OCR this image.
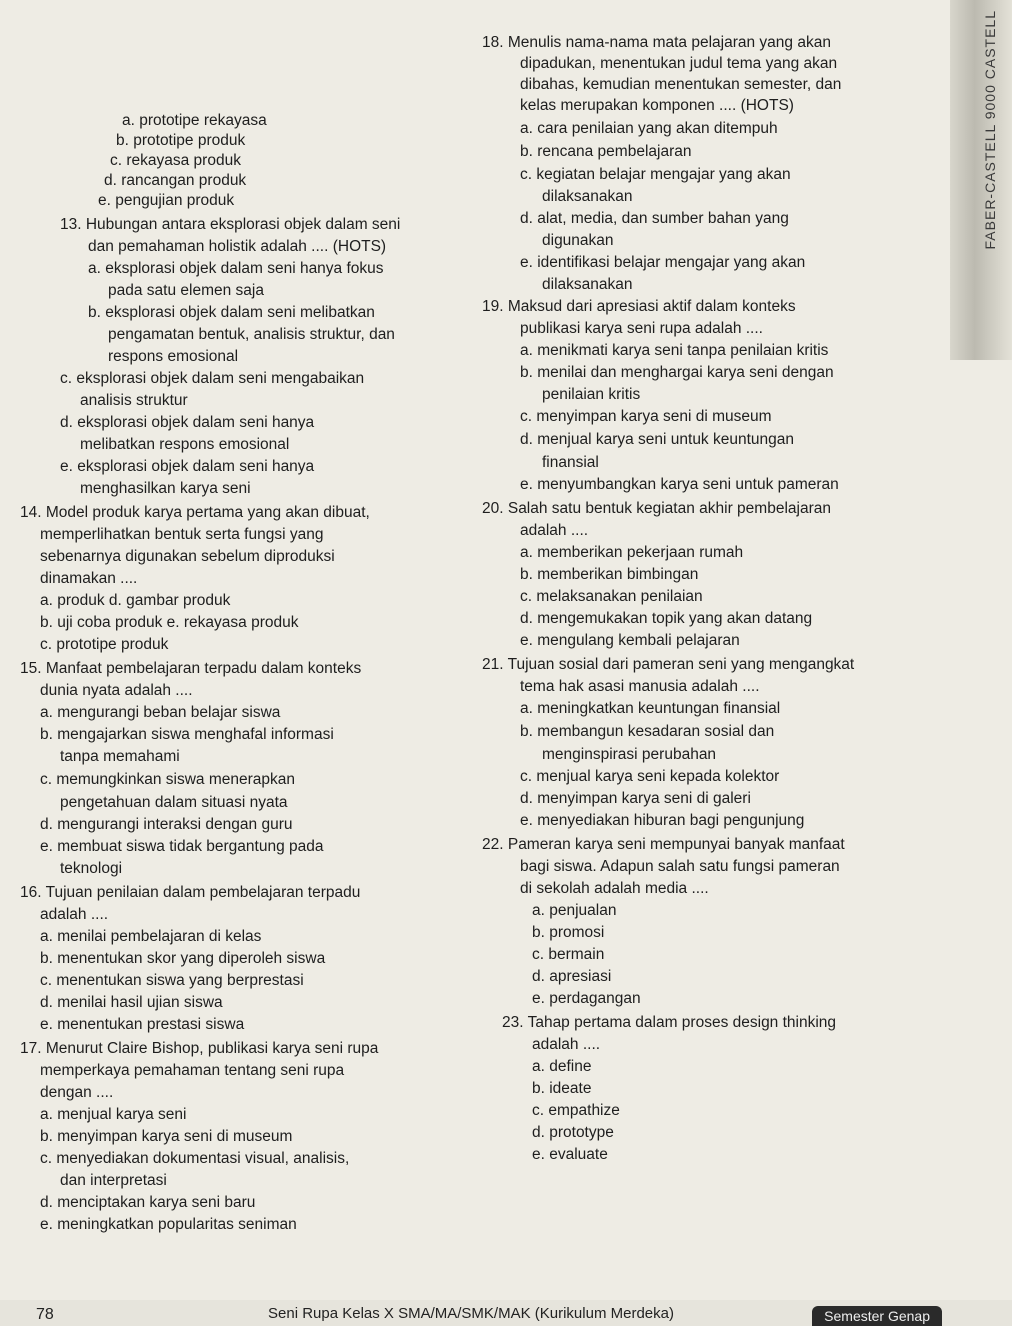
18. Menulis nama-nama mata pelajaran yang akan
dipadukan, menentukan judul tema yang akan
dibahas, kemudian menentukan semester, dan
kelas merupakan komponen .... (HOTS)
a. cara penilaian yang akan ditempuh
b. rencana pembelajaran
c. kegiatan belajar mengajar yang akan
dilaksanakan
d. alat, media, dan sumber bahan yang
digunakan
e. identifikasi belajar mengajar yang akan
dilaksanakan
19. Maksud dari apresiasi aktif dalam konteks
publikasi karya seni rupa adalah ....
a. menikmati karya seni tanpa penilaian kritis
b. menilai dan menghargai karya seni dengan
penilaian kritis
c. menyimpan karya seni di museum
d. menjual karya seni untuk keuntungan
finansial
e. menyumbangkan karya seni untuk pameran
20. Salah satu bentuk kegiatan akhir pembelajaran
adalah ....
a. memberikan pekerjaan rumah
b. memberikan bimbingan
c. melaksanakan penilaian
d. mengemukakan topik yang akan datang
e. mengulang kembali pelajaran
21. Tujuan sosial dari pameran seni yang mengangkat
tema hak asasi manusia adalah ....
a. meningkatkan keuntungan finansial
b. membangun kesadaran sosial dan
menginspirasi perubahan
c. menjual karya seni kepada kolektor
d. menyimpan karya seni di galeri
e. menyediakan hiburan bagi pengunjung
22. Pameran karya seni mempunyai banyak manfaat
bagi siswa. Adapun salah satu fungsi pameran
di sekolah adalah media ....
a. penjualan
b. promosi
c. bermain
d. apresiasi
e. perdagangan
23. Tahap pertama dalam proses design thinking
adalah ....
a. define
b. ideate
c. empathize
d. prototype
e. evaluate
a. prototipe rekayasa
b. prototipe produk
c. rekayasa produk
d. rancangan produk
e. pengujian produk
13. Hubungan antara eksplorasi objek dalam seni
dan pemahaman holistik adalah .... (HOTS)
a. eksplorasi objek dalam seni hanya fokus
pada satu elemen saja
b. eksplorasi objek dalam seni melibatkan
pengamatan bentuk, analisis struktur, dan
respons emosional
c. eksplorasi objek dalam seni mengabaikan
analisis struktur
d. eksplorasi objek dalam seni hanya
melibatkan respons emosional
e. eksplorasi objek dalam seni hanya
menghasilkan karya seni
14. Model produk karya pertama yang akan dibuat,
memperlihatkan bentuk serta fungsi yang
sebenarnya digunakan sebelum diproduksi
dinamakan ....
a. produk d. gambar produk
b. uji coba produk e. rekayasa produk
c. prototipe produk
15. Manfaat pembelajaran terpadu dalam konteks
dunia nyata adalah ....
a. mengurangi beban belajar siswa
b. mengajarkan siswa menghafal informasi
tanpa memahami
c. memungkinkan siswa menerapkan
pengetahuan dalam situasi nyata
d. mengurangi interaksi dengan guru
e. membuat siswa tidak bergantung pada
teknologi
16. Tujuan penilaian dalam pembelajaran terpadu
adalah ....
a. menilai pembelajaran di kelas
b. menentukan skor yang diperoleh siswa
c. menentukan siswa yang berprestasi
d. menilai hasil ujian siswa
e. menentukan prestasi siswa
17. Menurut Claire Bishop, publikasi karya seni rupa
memperkaya pemahaman tentang seni rupa
dengan ....
a. menjual karya seni
b. menyimpan karya seni di museum
c. menyediakan dokumentasi visual, analisis,
dan interpretasi
d. menciptakan karya seni baru
e. meningkatkan popularitas seniman
FABER-CASTELL 9000 CASTELL
78	Seni Rupa Kelas X SMA/MA/SMK/MAK (Kurikulum Merdeka)	Semester Genap
